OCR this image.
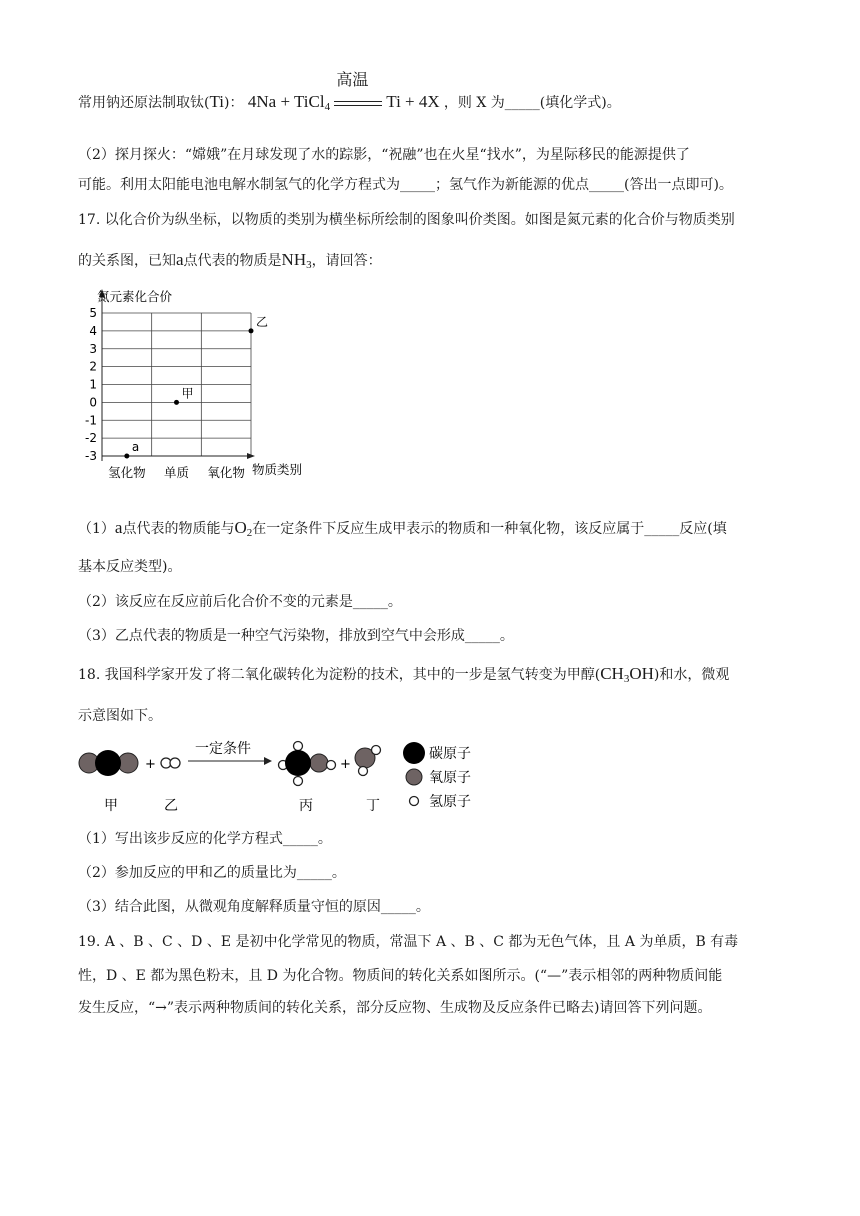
常用钠还原法制取钛(Ti)： 4Na + TiCl$_4$
高温
Ti + 4X ，则 X 为_____(填化学式)。
（2）探月探火：“嫦娥”在月球发现了水的踪影，“祝融”也在火星“找水”，为星际移民的能源提供了
可能。利用太阳能电池电解水制氢气的化学方程式为_____；氢气作为新能源的优点_____(答出一点即可)。
17. 以化合价为纵坐标，以物质的类别为横坐标所绘制的图象叫价类图。如图是氮元素的化合价与物质类别
的关系图，已知a点代表的物质是$NH_3$，请回答：
5
4
3
2
1
0
-1
-2
-3
氢化物 单质 氧化物
氮元素化合价
物质类别
a
甲
乙
（1）a点代表的物质能与$O_2$在一定条件下反应生成甲表示的物质和一种氧化物，该反应属于_____反应(填
基本反应类型)。
（2）该反应在反应前后化合价不变的元素是_____。
（3）乙点代表的物质是一种空气污染物，排放到空气中会形成_____。
18. 我国科学家开发了将二氧化碳转化为淀粉的技术，其中的一步是氢气转变为甲醇$(CH_3OH)$和水，微观
示意图如下。
+
一定条件
+
甲	乙	丙	丁
碳原子
氧原子
氢原子
（1）写出该步反应的化学方程式_____。
（2）参加反应的甲和乙的质量比为_____。
（3）结合此图，从微观角度解释质量守恒的原因_____。
19. A 、B 、C 、D 、E 是初中化学常见的物质，常温下 A 、B 、C 都为无色气体，且 A 为单质，B 有毒
性，D 、E 都为黑色粉末，且 D 为化合物。物质间的转化关系如图所示。(“—”表示相邻的两种物质间能
发生反应，“→”表示两种物质间的转化关系，部分反应物、生成物及反应条件已略去)请回答下列问题。
